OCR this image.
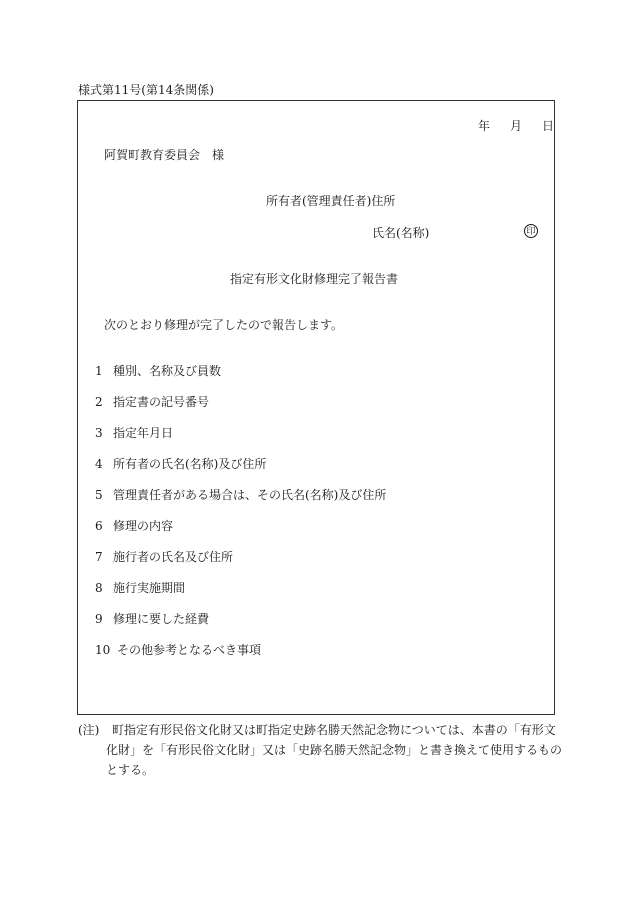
様式第11号(第14条関係)
年 月 日
阿賀町教育委員会　様
所有者(管理責任者)住所
氏名(名称)	印
指定有形文化財修理完了報告書
次のとおり修理が完了したので報告します。
1 種別、名称及び員数
2 指定書の記号番号
3 指定年月日
4 所有者の氏名(名称)及び住所
5 管理責任者がある場合は、その氏名(名称)及び住所
6 修理の内容
7 施行者の氏名及び住所
8 施行実施期間
9 修理に要した経費
10 その他参考となるべき事項
(注) 町指定有形民俗文化財又は町指定史跡名勝天然記念物については、本書の「有形文
化財」を「有形民俗文化財」又は「史跡名勝天然記念物」と書き換えて使用するもの
とする。
